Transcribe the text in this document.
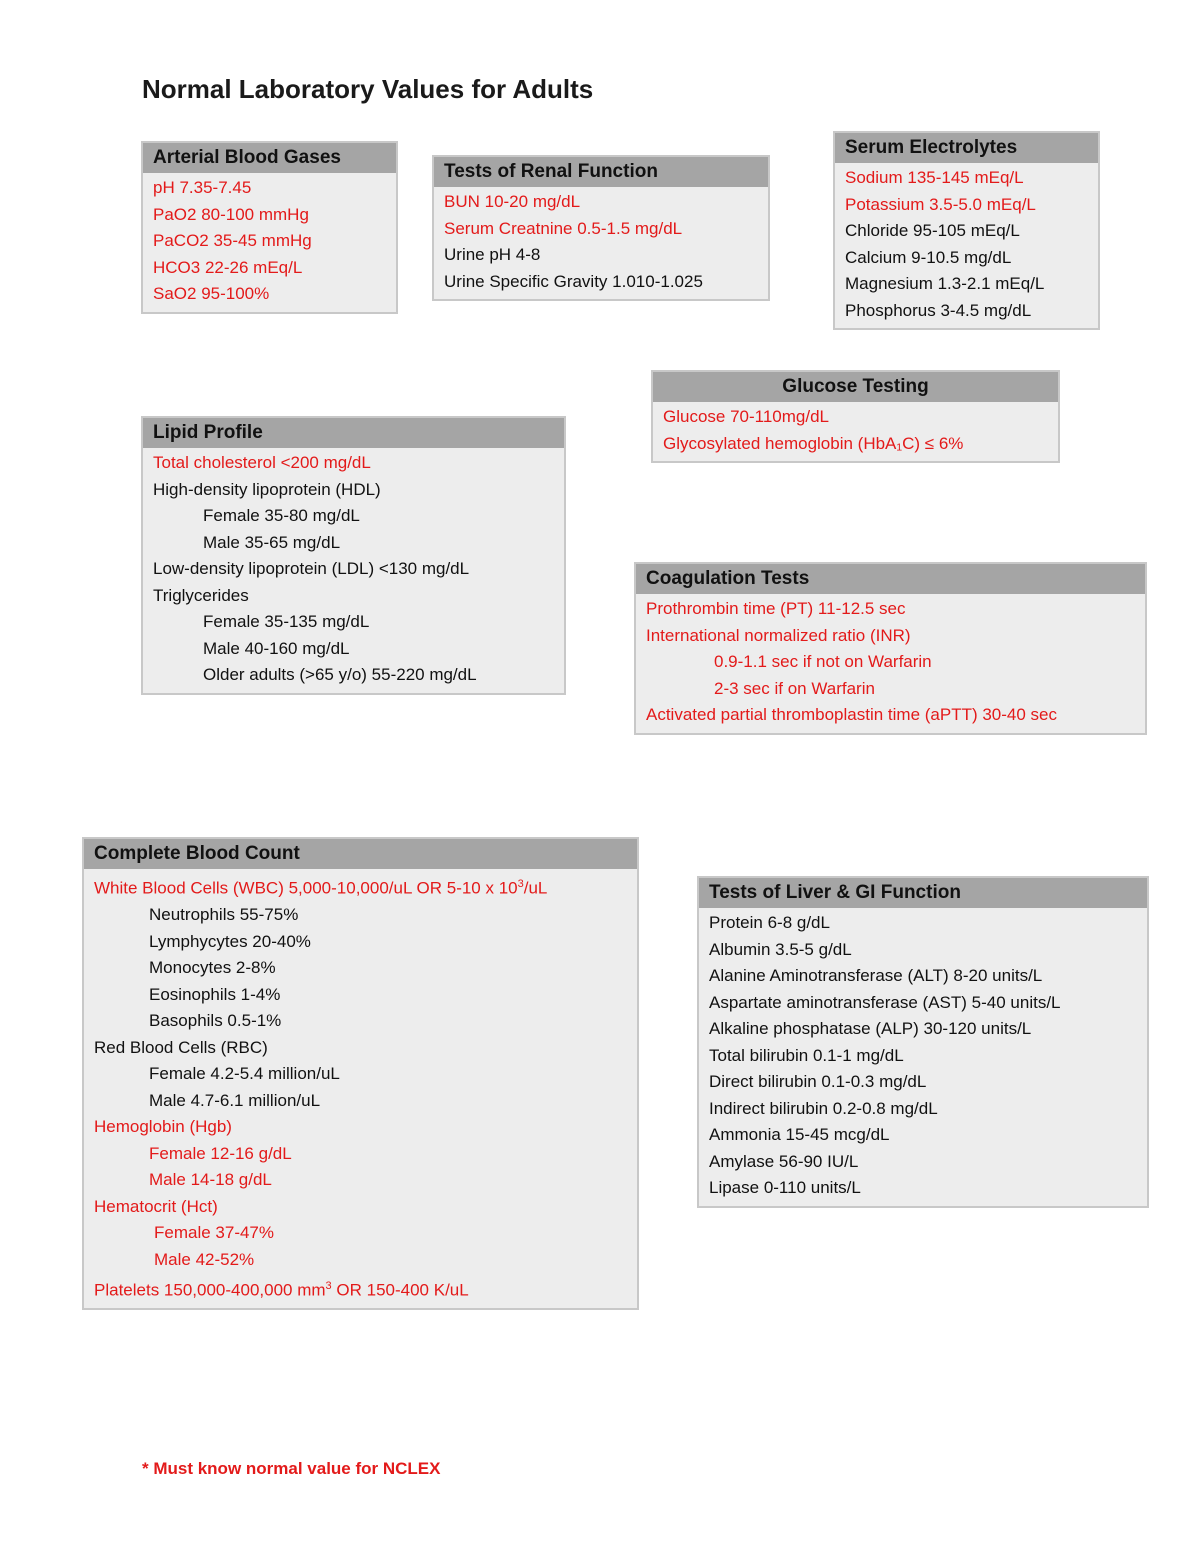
Normal Laboratory Values for Adults
Arterial Blood Gases
pH 7.35-7.45
PaO2 80-100 mmHg
PaCO2 35-45 mmHg
HCO3 22-26 mEq/L
SaO2 95-100%
Tests of Renal Function
BUN 10-20 mg/dL
Serum Creatnine 0.5-1.5 mg/dL
Urine pH 4-8
Urine Specific Gravity 1.010-1.025
Serum Electrolytes
Sodium 135-145 mEq/L
Potassium 3.5-5.0 mEq/L
Chloride 95-105 mEq/L
Calcium 9-10.5 mg/dL
Magnesium 1.3-2.1 mEq/L
Phosphorus 3-4.5 mg/dL
Glucose Testing
Glucose 70-110mg/dL
Glycosylated hemoglobin (HbA₁C) ≤ 6%
Lipid Profile
Total cholesterol <200 mg/dL
High-density lipoprotein (HDL)
Female 35-80 mg/dL
Male 35-65 mg/dL
Low-density lipoprotein (LDL) <130 mg/dL
Triglycerides
Female 35-135 mg/dL
Male 40-160 mg/dL
Older adults (>65 y/o) 55-220 mg/dL
Coagulation Tests
Prothrombin time (PT) 11-12.5 sec
International normalized ratio (INR)
0.9-1.1 sec if not on Warfarin
2-3 sec if on Warfarin
Activated partial thromboplastin time (aPTT) 30-40 sec
Complete Blood Count
White Blood Cells (WBC) 5,000-10,000/uL OR 5-10 x $10^3/uL$
Neutrophils 55-75%
Lymphycytes 20-40%
Monocytes 2-8%
Eosinophils 1-4%
Basophils 0.5-1%
Red Blood Cells (RBC)
Female 4.2-5.4 million/uL
Male 4.7-6.1 million/uL
Hemoglobin (Hgb)
Female 12-16 g/dL
Male 14-18 g/dL
Hematocrit (Hct)
Female 37-47%
Male 42-52%
Platelets 150,000-400,000 $mm^3$ OR 150-400 K/uL
Tests of Liver & GI Function
Protein 6-8 g/dL
Albumin 3.5-5 g/dL
Alanine Aminotransferase (ALT) 8-20 units/L
Aspartate aminotransferase (AST) 5-40 units/L
Alkaline phosphatase (ALP) 30-120 units/L
Total bilirubin 0.1-1 mg/dL
Direct bilirubin 0.1-0.3 mg/dL
Indirect bilirubin 0.2-0.8 mg/dL
Ammonia 15-45 mcg/dL
Amylase 56-90 IU/L
Lipase 0-110 units/L
* Must know normal value for NCLEX
